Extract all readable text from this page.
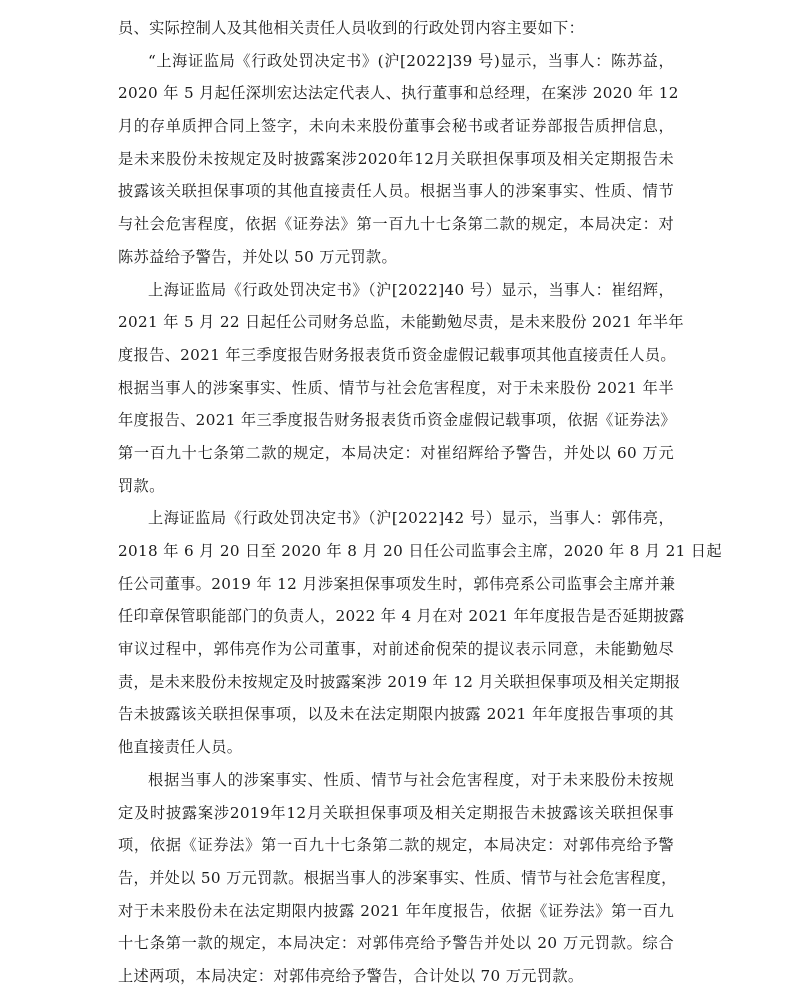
员、实际控制人及其他相关责任人员收到的行政处罚内容主要如下：
“上海证监局《行政处罚决定书》(沪[2022]39 号)显示，当事人：陈苏益，
2020 年 5 月起任深圳宏达法定代表人、执行董事和总经理，在案涉 2020 年 12
月的存单质押合同上签字，未向未来股份董事会秘书或者证券部报告质押信息，
是未来股份未按规定及时披露案涉2020年12月关联担保事项及相关定期报告未
披露该关联担保事项的其他直接责任人员。根据当事人的涉案事实、性质、情节
与社会危害程度，依据《证券法》第一百九十七条第二款的规定，本局决定：对
陈苏益给予警告，并处以 50 万元罚款。
上海证监局《行政处罚决定书》（沪[2022]40 号）显示，当事人：崔绍辉，
2021 年 5 月 22 日起任公司财务总监，未能勤勉尽责，是未来股份 2021 年半年
度报告、2021 年三季度报告财务报表货币资金虚假记载事项其他直接责任人员。
根据当事人的涉案事实、性质、情节与社会危害程度，对于未来股份 2021 年半
年度报告、2021 年三季度报告财务报表货币资金虚假记载事项，依据《证券法》
第一百九十七条第二款的规定，本局决定：对崔绍辉给予警告，并处以 60 万元
罚款。
上海证监局《行政处罚决定书》（沪[2022]42 号）显示，当事人：郭伟亮，
2018 年 6 月 20 日至 2020 年 8 月 20 日任公司监事会主席，2020 年 8 月 21 日起
任公司董事。2019 年 12 月涉案担保事项发生时，郭伟亮系公司监事会主席并兼
任印章保管职能部门的负责人，2022 年 4 月在对 2021 年年度报告是否延期披露
审议过程中，郭伟亮作为公司董事，对前述俞倪荣的提议表示同意，未能勤勉尽
责，是未来股份未按规定及时披露案涉 2019 年 12 月关联担保事项及相关定期报
告未披露该关联担保事项，以及未在法定期限内披露 2021 年年度报告事项的其
他直接责任人员。
根据当事人的涉案事实、性质、情节与社会危害程度，对于未来股份未按规
定及时披露案涉2019年12月关联担保事项及相关定期报告未披露该关联担保事
项，依据《证券法》第一百九十七条第二款的规定，本局决定：对郭伟亮给予警
告，并处以 50 万元罚款。根据当事人的涉案事实、性质、情节与社会危害程度，
对于未来股份未在法定期限内披露 2021 年年度报告，依据《证券法》第一百九
十七条第一款的规定，本局决定：对郭伟亮给予警告并处以 20 万元罚款。综合
上述两项，本局决定：对郭伟亮给予警告，合计处以 70 万元罚款。
